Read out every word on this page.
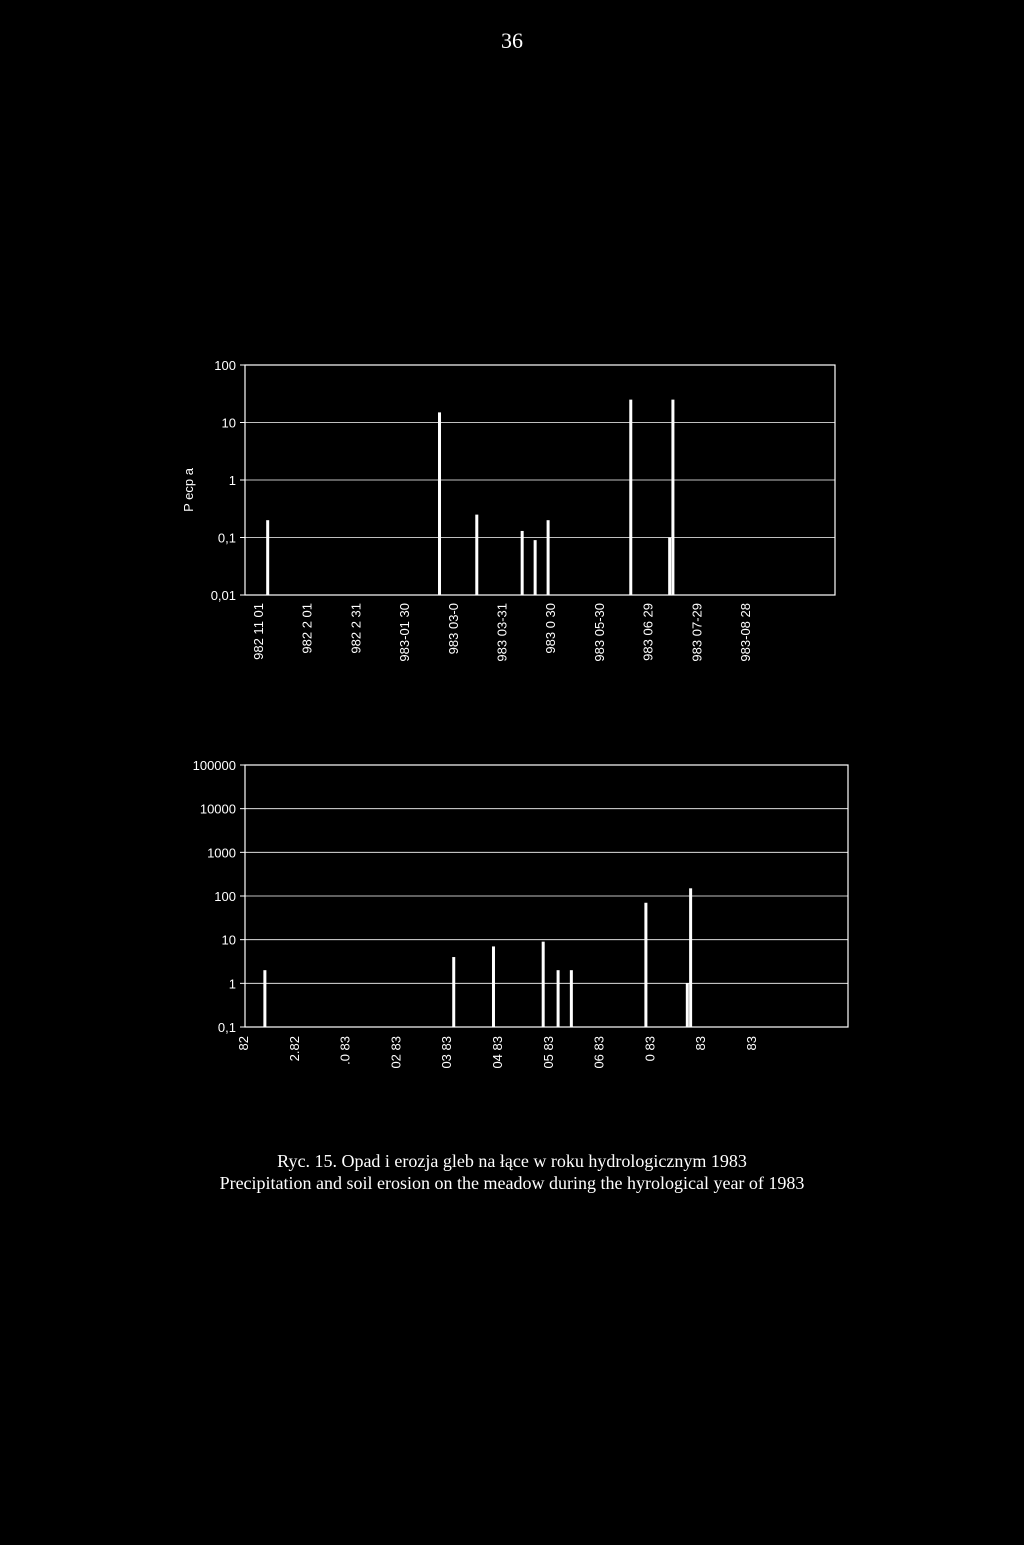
36
0,01
0,1
1
10
100
P ecp a
982 11 01	982 2 01	982 2 31	983-01 30	983 03-0	983 03-31	983 0 30	983 05-30	983 06 29	983 07-29	983-08 28
0,1
1
10
100
1000
10000
100000
82	2.82	.0 83	02 83	03 83	04 83	05 83	06 83	0 83	83	83
Ryc. 15. Opad i erozja gleb na łące w roku hydrologicznym 1983
Precipitation and soil erosion on the meadow during the hyrological year of 1983
